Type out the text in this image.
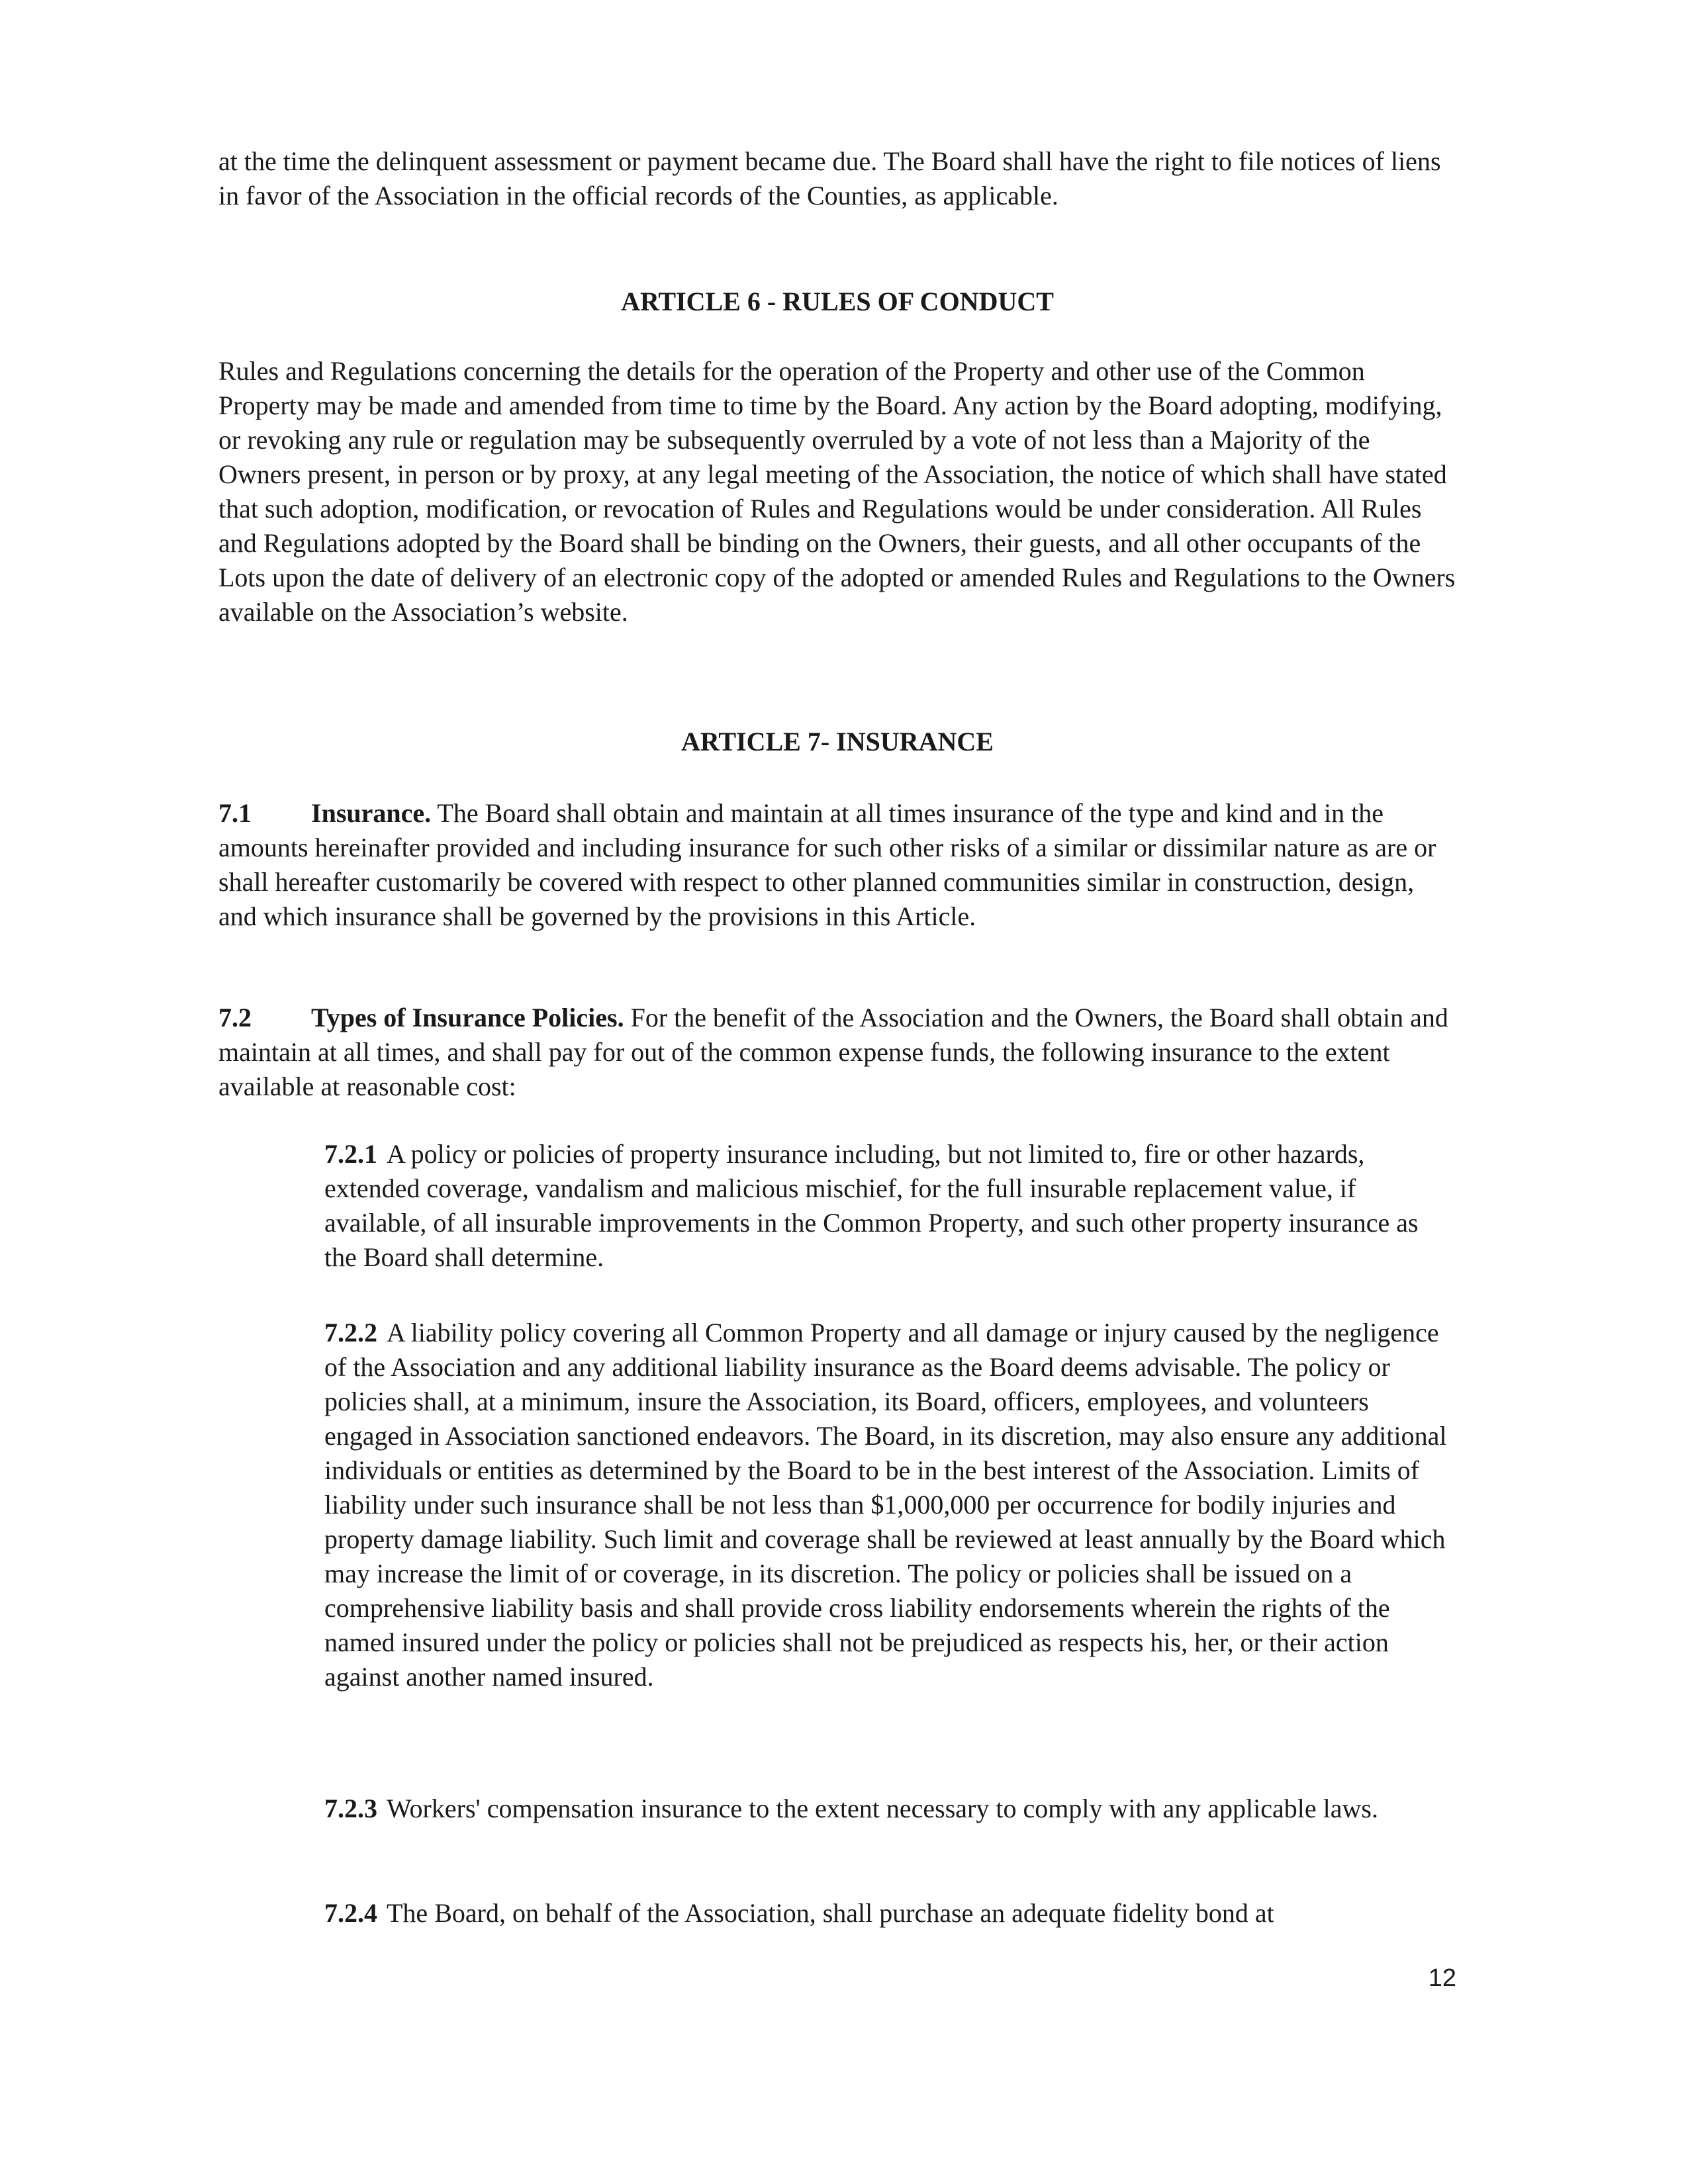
at the time the delinquent assessment or payment became due. The Board shall have the right to file notices of liens in favor of the Association in the official records of the Counties, as applicable.

ARTICLE 6 - RULES OF CONDUCT

Rules and Regulations concerning the details for the operation of the Property and other use of the Common Property may be made and amended from time to time by the Board. Any action by the Board adopting, modifying, or revoking any rule or regulation may be subsequently overruled by a vote of not less than a Majority of the Owners present, in person or by proxy, at any legal meeting of the Association, the notice of which shall have stated that such adoption, modification, or revocation of Rules and Regulations would be under consideration. All Rules and Regulations adopted by the Board shall be binding on the Owners, their guests, and all other occupants of the Lots upon the date of delivery of an electronic copy of the adopted or amended Rules and Regulations to the Owners available on the Association’s website.

ARTICLE 7- INSURANCE

7.1 Insurance. The Board shall obtain and maintain at all times insurance of the type and kind and in the amounts hereinafter provided and including insurance for such other risks of a similar or dissimilar nature as are or shall hereafter customarily be covered with respect to other planned communities similar in construction, design, and which insurance shall be governed by the provisions in this Article.

7.2 Types of Insurance Policies. For the benefit of the Association and the Owners, the Board shall obtain and maintain at all times, and shall pay for out of the common expense funds, the following insurance to the extent available at reasonable cost:

7.2.1 A policy or policies of property insurance including, but not limited to, fire or other hazards, extended coverage, vandalism and malicious mischief, for the full insurable replacement value, if available, of all insurable improvements in the Common Property, and such other property insurance as the Board shall determine.

7.2.2 A liability policy covering all Common Property and all damage or injury caused by the negligence of the Association and any additional liability insurance as the Board deems advisable. The policy or policies shall, at a minimum, insure the Association, its Board, officers, employees, and volunteers engaged in Association sanctioned endeavors. The Board, in its discretion, may also ensure any additional individuals or entities as determined by the Board to be in the best interest of the Association. Limits of liability under such insurance shall be not less than $1,000,000 per occurrence for bodily injuries and property damage liability. Such limit and coverage shall be reviewed at least annually by the Board which may increase the limit of or coverage, in its discretion. The policy or policies shall be issued on a comprehensive liability basis and shall provide cross liability endorsements wherein the rights of the named insured under the policy or policies shall not be prejudiced as respects his, her, or their action against another named insured.

7.2.3 Workers' compensation insurance to the extent necessary to comply with any applicable laws.

7.2.4 The Board, on behalf of the Association, shall purchase an adequate fidelity bond at

12
